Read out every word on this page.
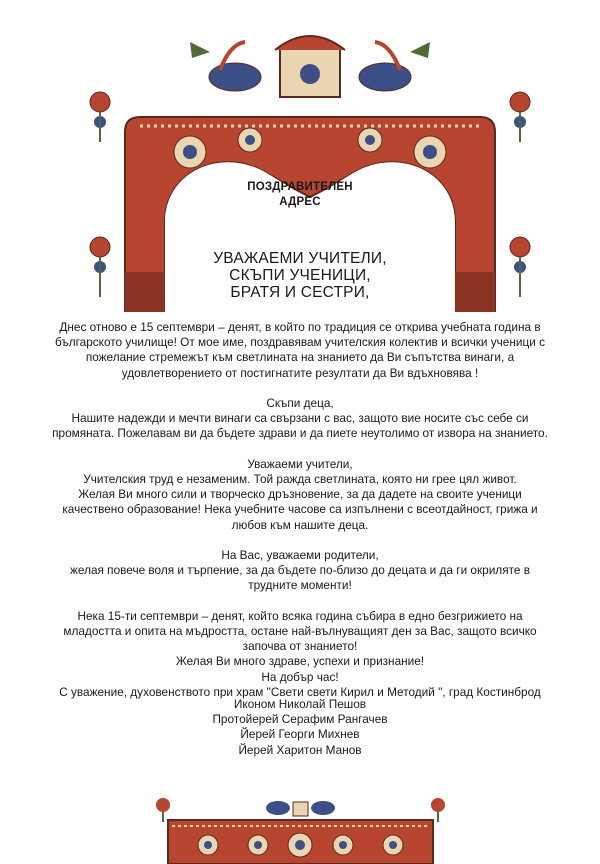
ПОЗДРАВИТЕЛЕН
АДРЕС
УВАЖАЕМИ УЧИТЕЛИ,
СКЪПИ УЧЕНИЦИ,
БРАТЯ И СЕСТРИ,

Днес отново е 15 септември – денят, в който по традиция се открива учебната година в
българското училище! От мое име, поздравявам учителския колектив и всички ученици с
пожелание стремежът към светлината на знанието да Ви съпътства винаги, а
удовлетворението от постигнатите резултати да Ви вдъхновява !

Скъпи деца,
Нашите надежди и мечти винаги са свързани с вас, защото вие носите със себе си
промяната. Пожелавам ви да бъдете здрави и да пиете неутолимо от извора на знанието.

Уважаеми учители,
Учителския труд е незаменим. Той ражда светлината, която ни грее цял живот.
Желая Ви много сили и творческо дръзновение, за да дадете на своите ученици
качествено образование! Нека учебните часове са изпълнени с всеотдайност, грижа и
любов към нашите деца.

На Вас, уважаеми родители,
желая повече воля и търпение, за да бъдете по-близо до децата и да ги окриляте в
трудните моменти!

Нека 15-ти септември – денят, който всяка година събира в едно безгрижието на
младостта и опита на мъдростта, остане най-вълнуващият ден за Вас, защото всичко
започва от знанието!
Желая Ви много здраве, успехи и признание!
На добър час!
С уважение, духовенството при храм "Свети свети Кирил и Методий ", град Костинброд

Иконом Николай Пешов
Протойерей Серафим Рангачев
Йерей Георги Михнев
Йерей Харитон Манов
